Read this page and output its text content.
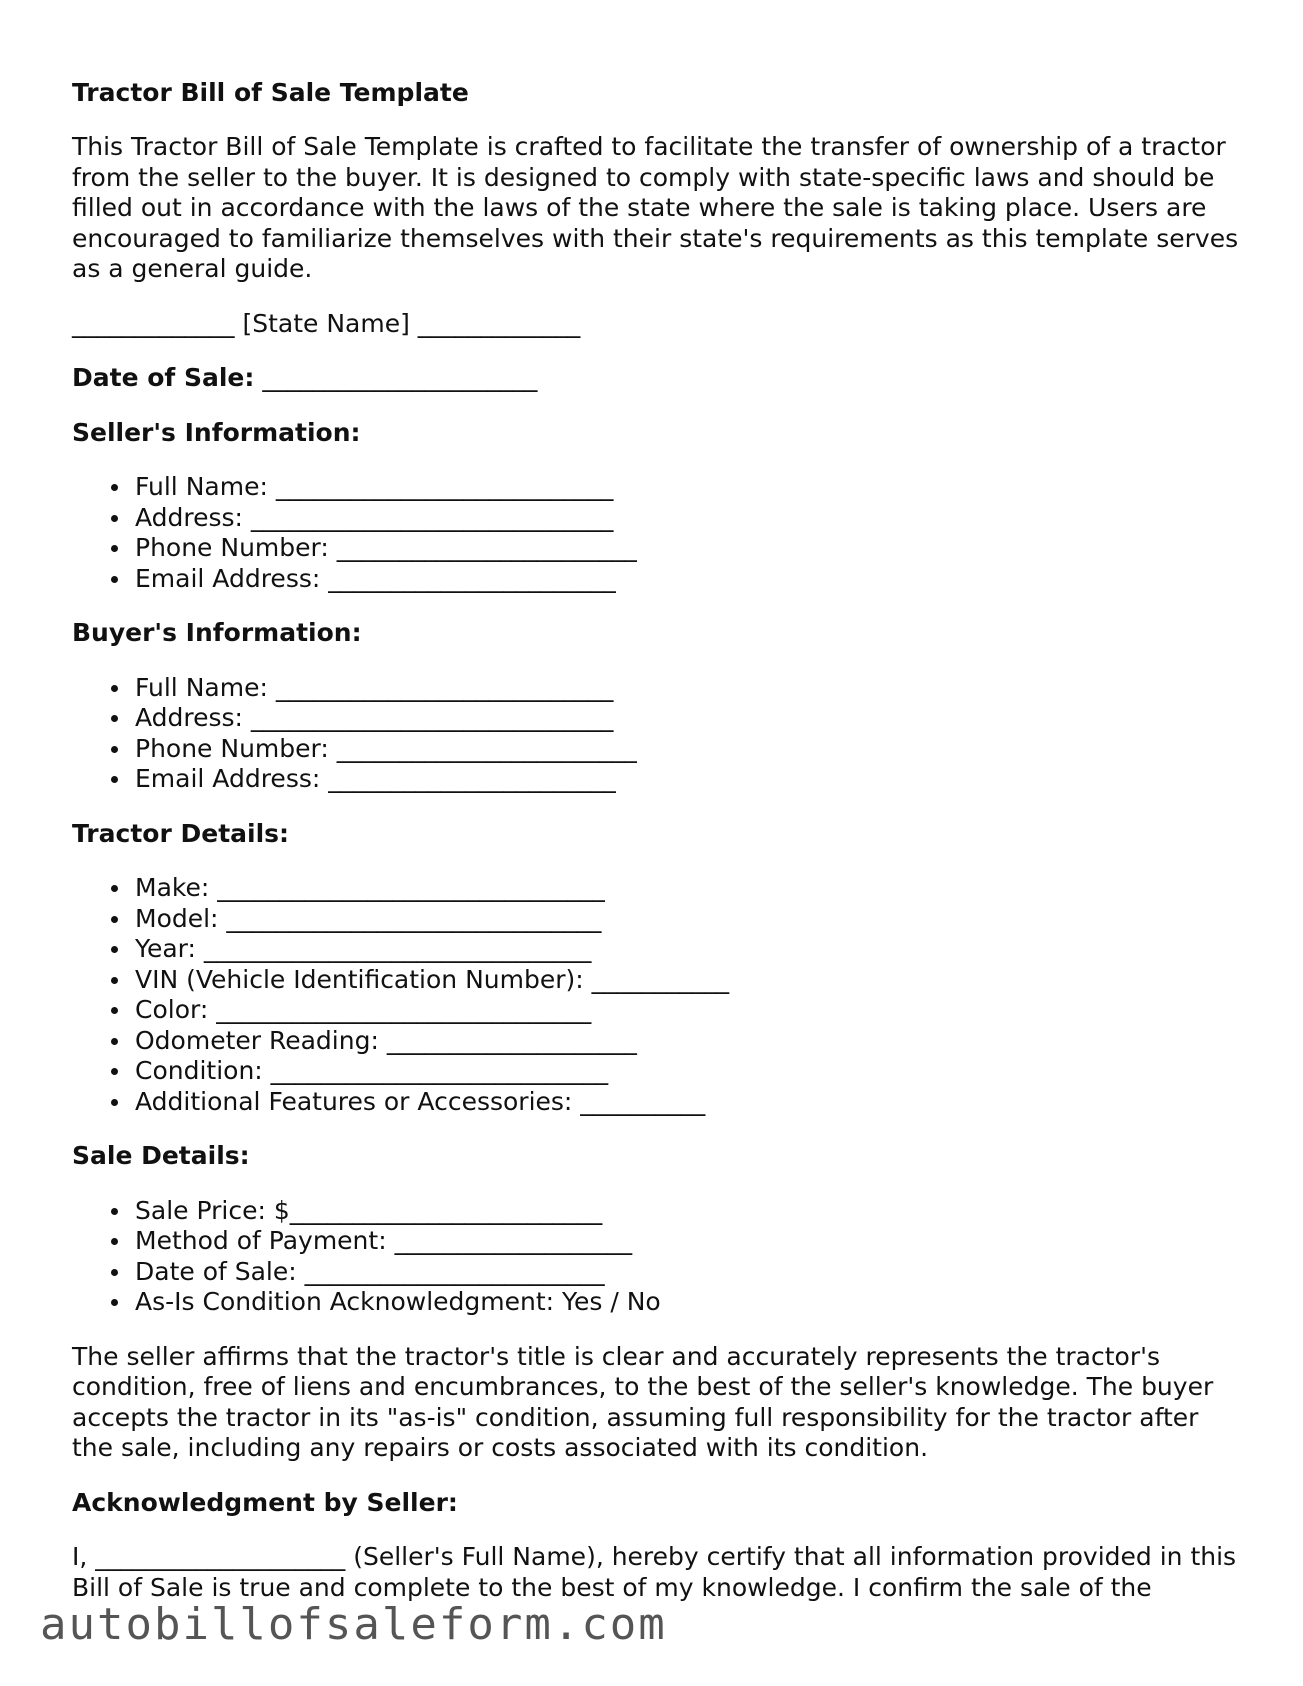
Tractor Bill of Sale Template

This Tractor Bill of Sale Template is crafted to facilitate the transfer of ownership of a tractor from the seller to the buyer. It is designed to comply with state-specific laws and should be filled out in accordance with the laws of the state where the sale is taking place. Users are encouraged to familiarize themselves with their state's requirements as this template serves as a general guide.

_____________ [State Name] _____________

Date of Sale: ______________________

Seller's Information:
Full Name: ___________________________
Address: _____________________________
Phone Number: ________________________
Email Address: _______________________
Buyer's Information:
Full Name: ___________________________
Address: _____________________________
Phone Number: ________________________
Email Address: _______________________
Tractor Details:
Make: _______________________________
Model: ______________________________
Year: _______________________________
VIN (Vehicle Identification Number): ___________
Color: ______________________________
Odometer Reading: ____________________
Condition: ___________________________
Additional Features or Accessories: __________
Sale Details:
Sale Price: $_________________________
Method of Payment: ___________________
Date of Sale: ________________________
As-Is Condition Acknowledgment: Yes / No

The seller affirms that the tractor's title is clear and accurately represents the tractor's condition, free of liens and encumbrances, to the best of the seller's knowledge. The buyer accepts the tractor in its "as-is" condition, assuming full responsibility for the tractor after the sale, including any repairs or costs associated with its condition.

Acknowledgment by Seller:

I, ____________________ (Seller's Full Name), hereby certify that all information provided in this Bill of Sale is true and complete to the best of my knowledge. I confirm the sale of the

autobillofsaleform.com
